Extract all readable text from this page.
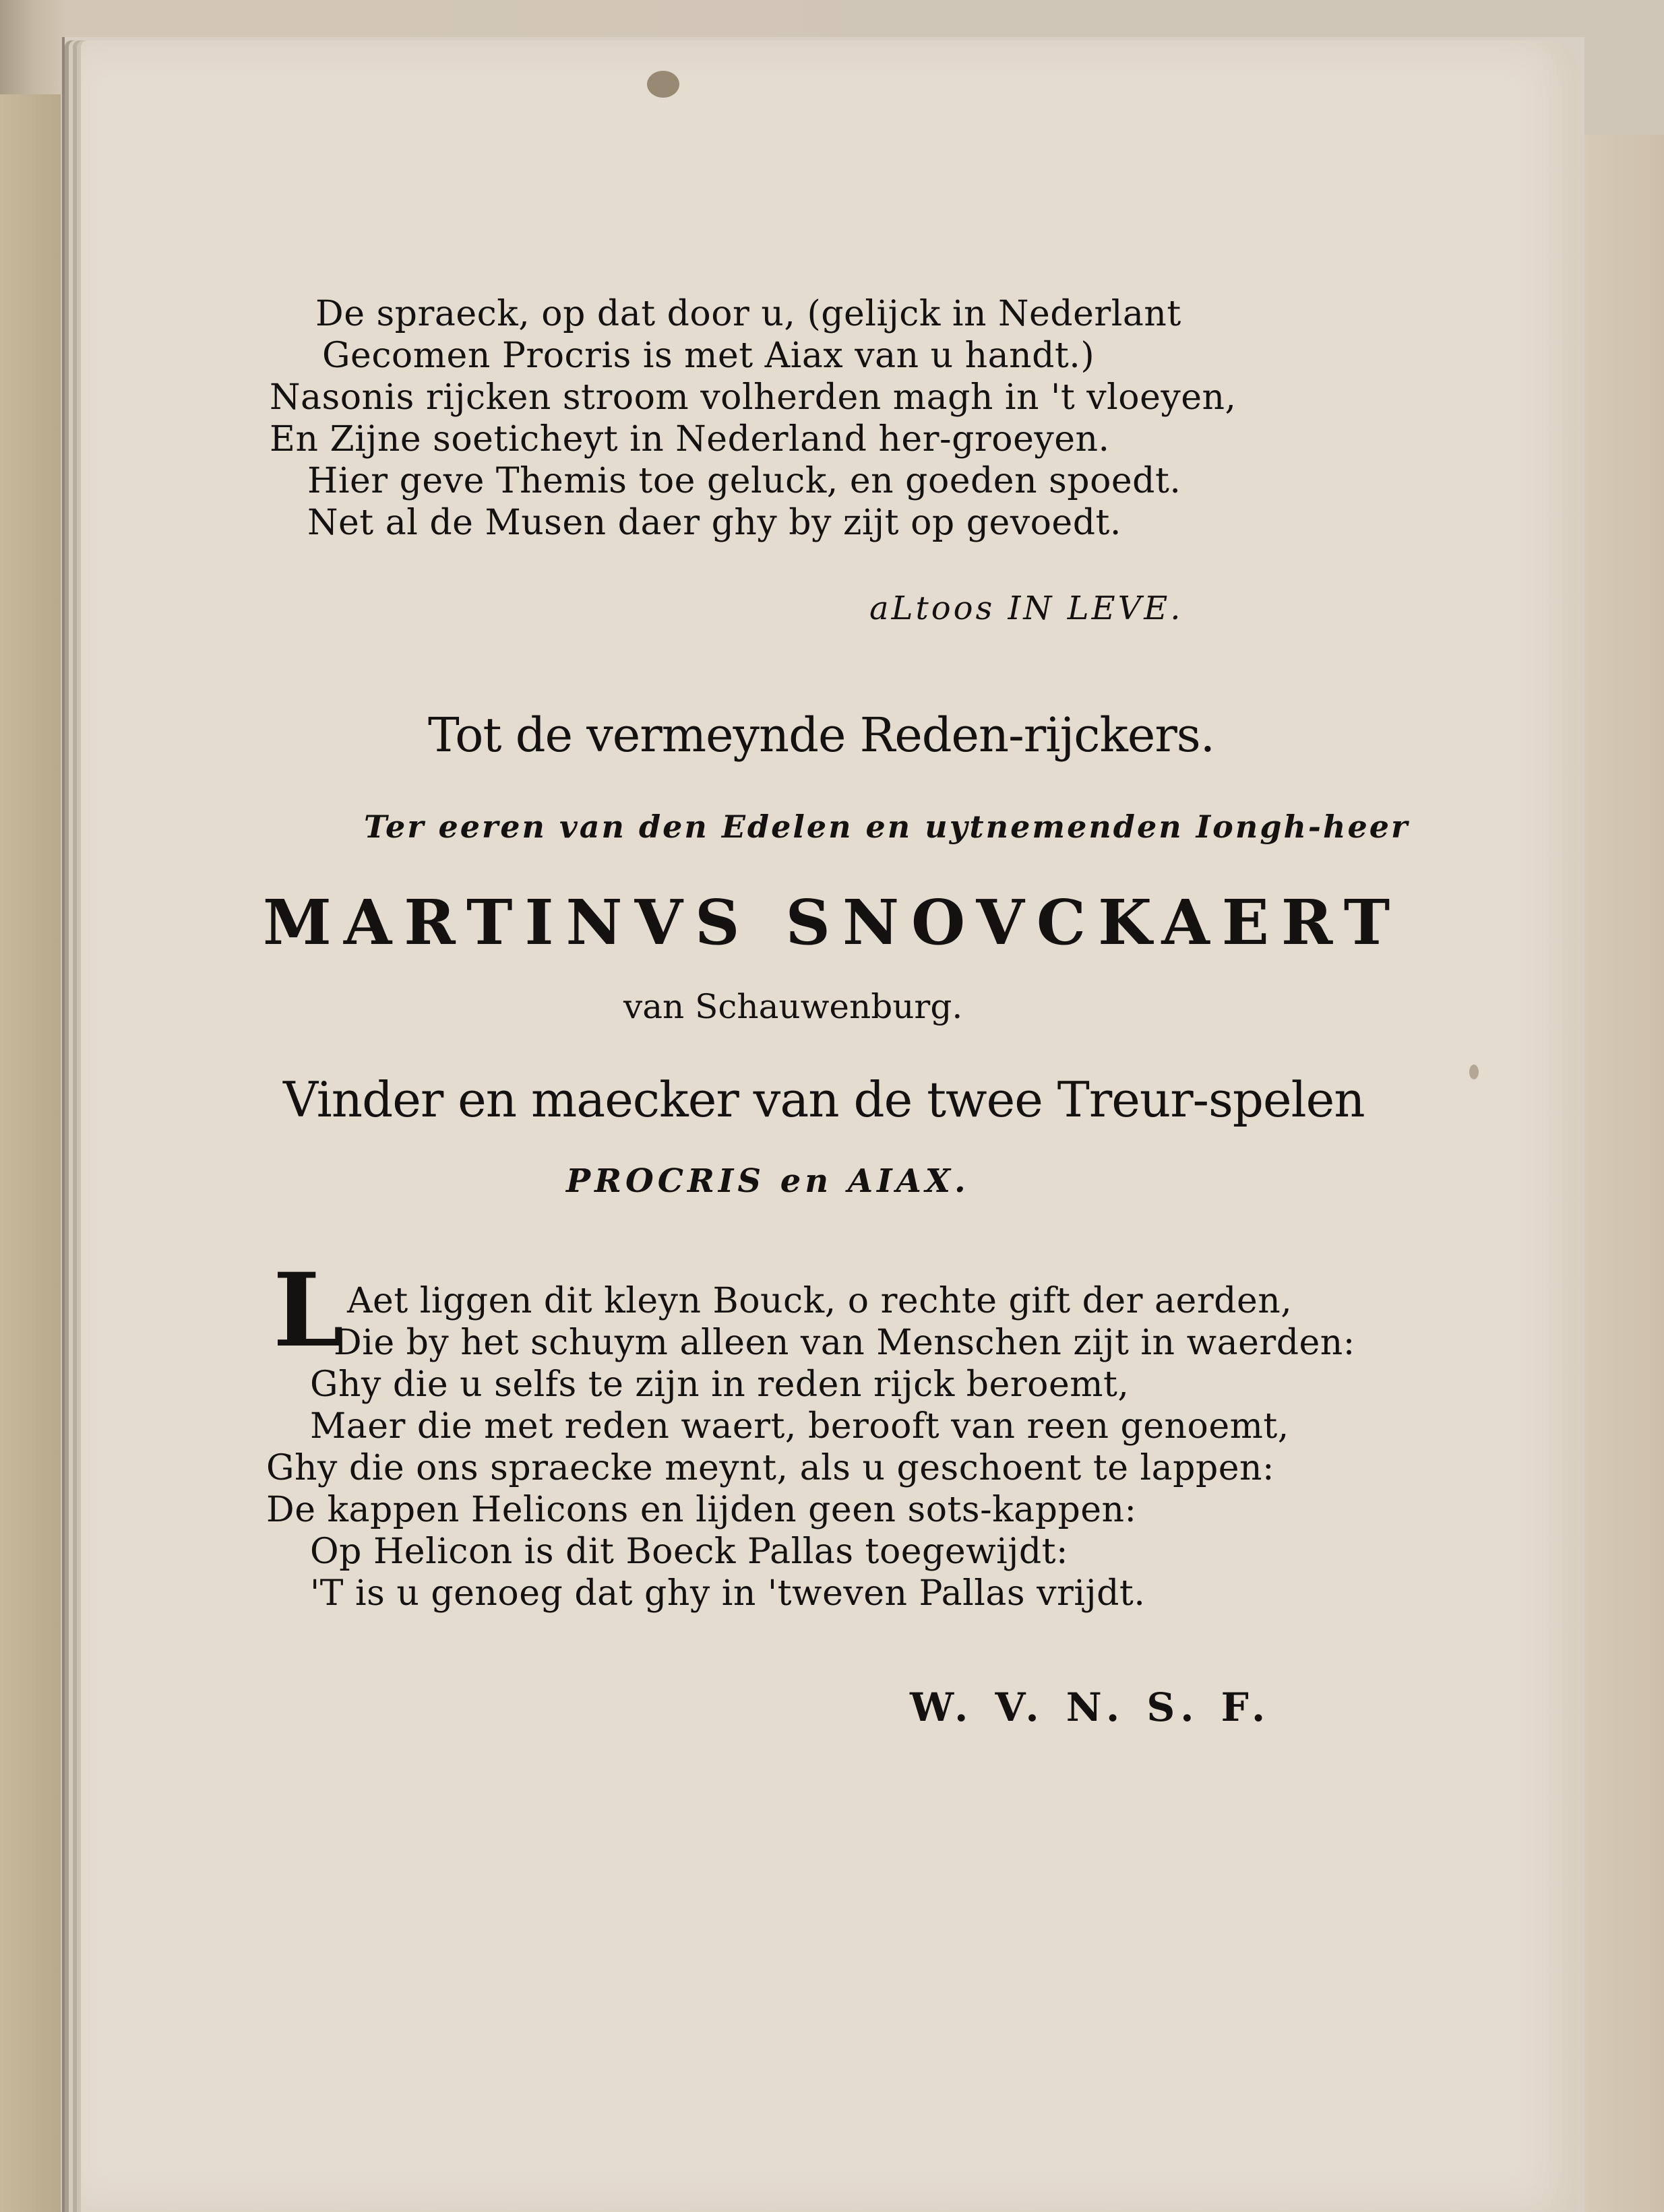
De spraeck, op dat door u, (gelijck in Nederlant
Gecomen Procris is met Aiax van u handt.)
Nasonis rijcken stroom volherden magh in 't vloeyen,
En Zijne soeticheyt in Nederland her-groeyen.
Hier geve Themis toe geluck, en goeden spoedt.
Net al de Musen daer ghy by zijt op gevoedt.
aLtoos IN LEVE.
Tot de vermeynde Reden-rijckers.
Ter eeren van den Edelen en uytnemenden Iongh-heer
MARTINVS SNOVCKAERT
van Schauwenburg.
Vinder en maecker van de twee Treur-spelen
PROCRIS en AIAX.
L Aet liggen dit kleyn Bouck, o rechte gift der aerden,
Die by het schuym alleen van Menschen zijt in waerden:
Ghy die u selfs te zijn in reden rijck beroemt,
Maer die met reden waert, berooft van reen genoemt,
Ghy die ons spraecke meynt, als u geschoent te lappen:
De kappen Helicons en lijden geen sots-kappen:
Op Helicon is dit Boeck Pallas toegewijdt:
'T is u genoeg dat ghy in 'tweven Pallas vrijdt.
W. V. N. S. F.
